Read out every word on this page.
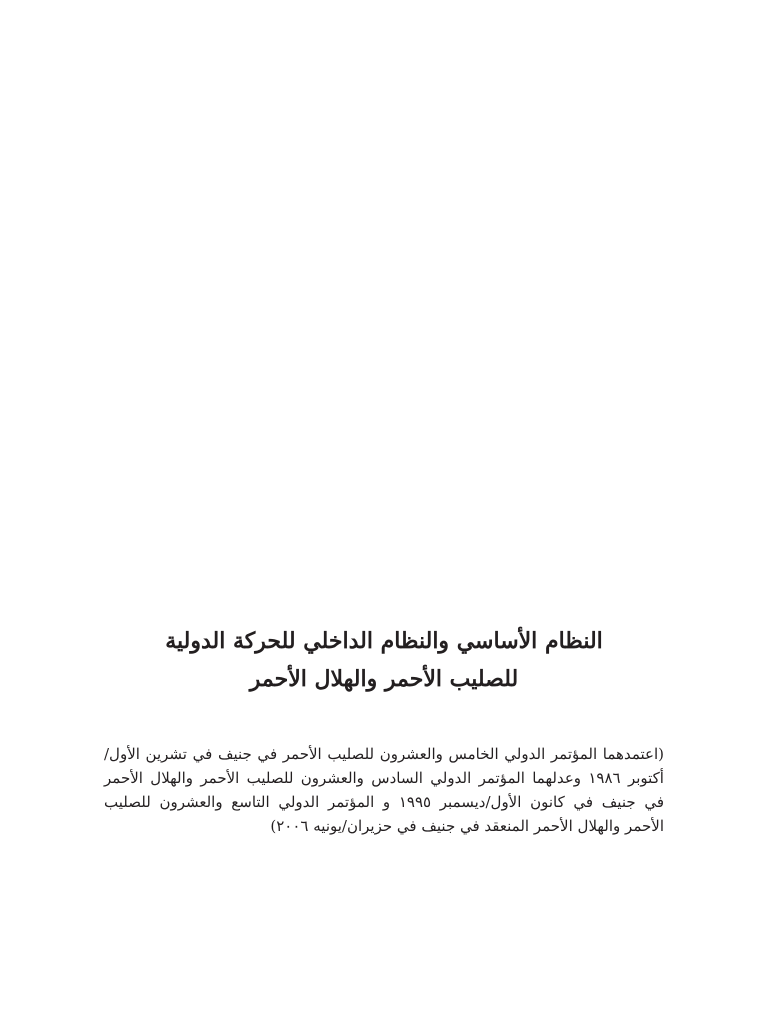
النظام الأساسي والنظام الداخلي للحركة الدولية
للصليب الأحمر والهلال الأحمر
(اعتمدهما المؤتمر الدولي الخامس والعشرون للصليب الأحمر في جنيف في تشرين الأول/
أكتوبر ١٩٨٦ وعدلهما المؤتمر الدولي السادس والعشرون للصليب الأحمر والهلال الأحمر
في جنيف في كانون الأول/ديسمبر ١٩٩٥ و المؤتمر الدولي التاسع والعشرون للصليب
الأحمر والهلال الأحمر المنعقد في جنيف في حزيران/يونيه ٢٠٠٦)
